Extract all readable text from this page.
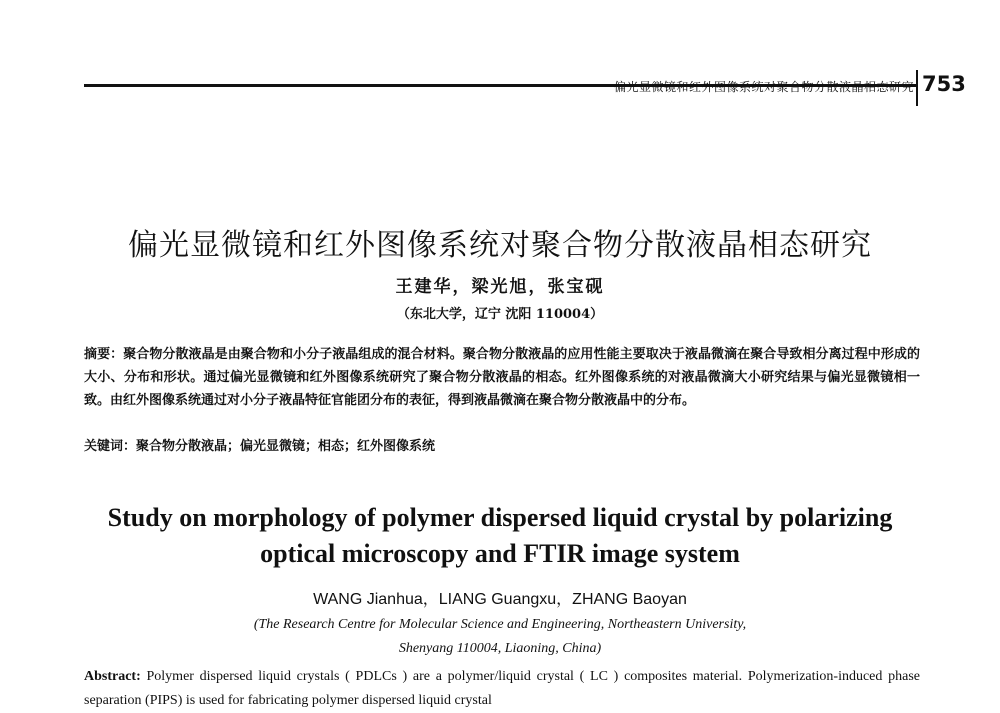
偏光显微镜和红外图像系统对聚合物分散液晶相态研究 753
偏光显微镜和红外图像系统对聚合物分散液晶相态研究
王建华，梁光旭，张宝砚
（东北大学，辽宁 沈阳 110004）
摘要：聚合物分散液晶是由聚合物和小分子液晶组成的混合材料。聚合物分散液晶的应用性能主要取决于液晶微滴在聚合导致相分离过程中形成的大小、分布和形状。通过偏光显微镜和红外图像系统研究了聚合物分散液晶的相态。红外图像系统的对液晶微滴大小研究结果与偏光显微镜相一致。由红外图像系统通过对小分子液晶特征官能团分布的表征，得到液晶微滴在聚合物分散液晶中的分布。
关键词：聚合物分散液晶；偏光显微镜；相态；红外图像系统
Study on morphology of polymer dispersed liquid crystal by polarizing
optical microscopy and FTIR image system
WANG Jianhua，LIANG Guangxu，ZHANG Baoyan
(The Research Centre for Molecular Science and Engineering, Northeastern University,
Shenyang 110004, Liaoning, China)
Abstract: Polymer dispersed liquid crystals ( PDLCs ) are a polymer/liquid crystal ( LC ) composites material. Polymerization-induced phase separation (PIPS) is used for fabricating polymer dispersed liquid crystal
